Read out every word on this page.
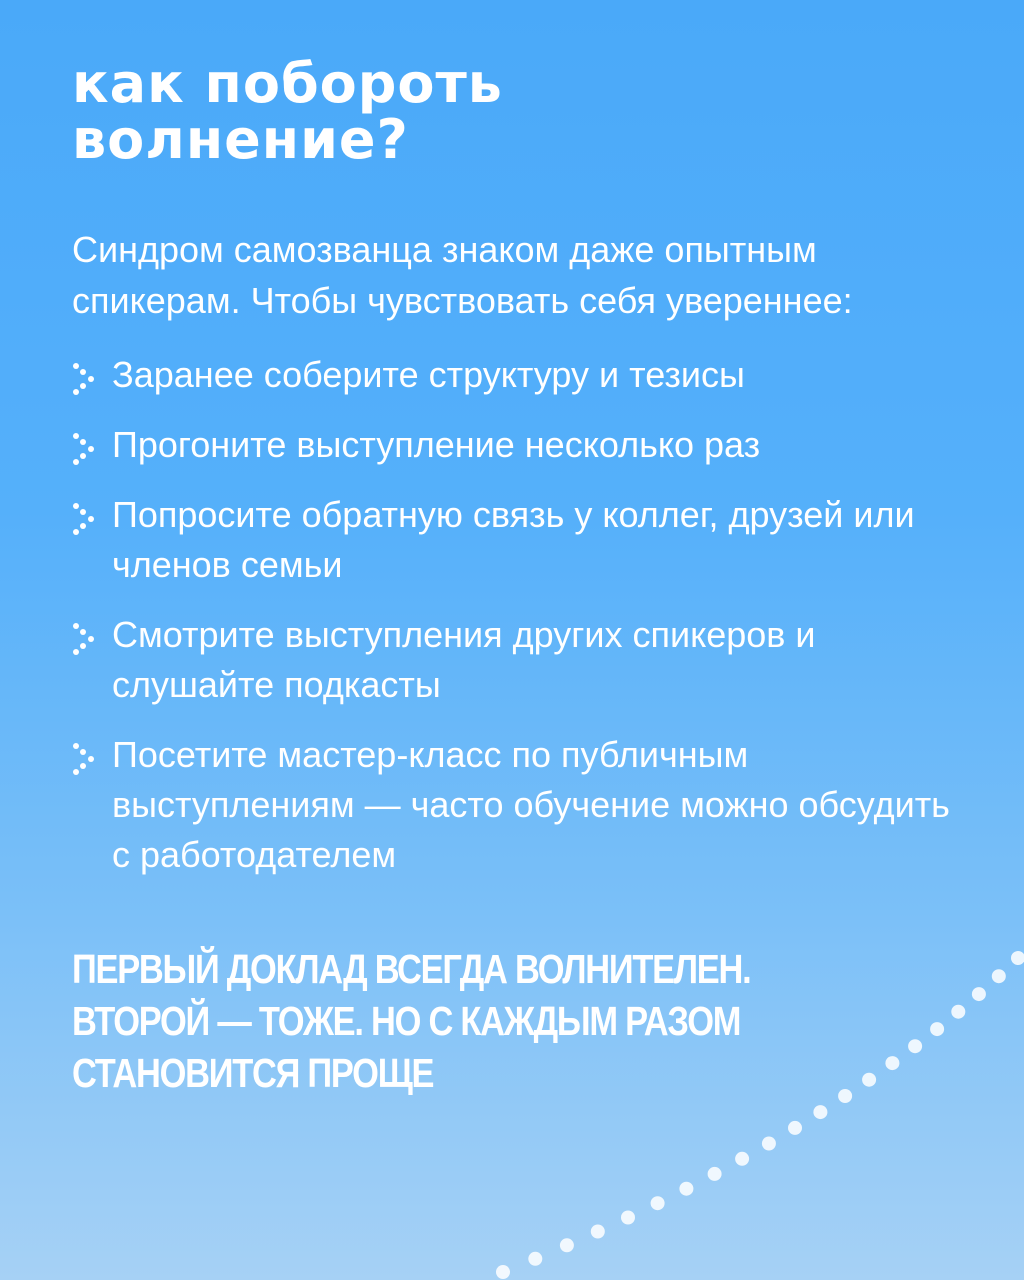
как побороть
волнение?

Синдром самозванца знаком даже опытным спикерам. Чтобы чувствовать себя увереннее:

Заранее соберите структуру и тезисы
Прогоните выступление несколько раз
Попросите обратную связь у коллег, друзей или членов семьи
Смотрите выступления других спикеров и слушайте подкасты
Посетите мастер-класс по публичным выступлениям — часто обучение можно обсудить с работодателем

ПЕРВЫЙ ДОКЛАД ВСЕГДА ВОЛНИТЕЛЕН.
ВТОРОЙ — ТОЖЕ. НО С КАЖДЫМ РАЗОМ
СТАНОВИТСЯ ПРОЩЕ
